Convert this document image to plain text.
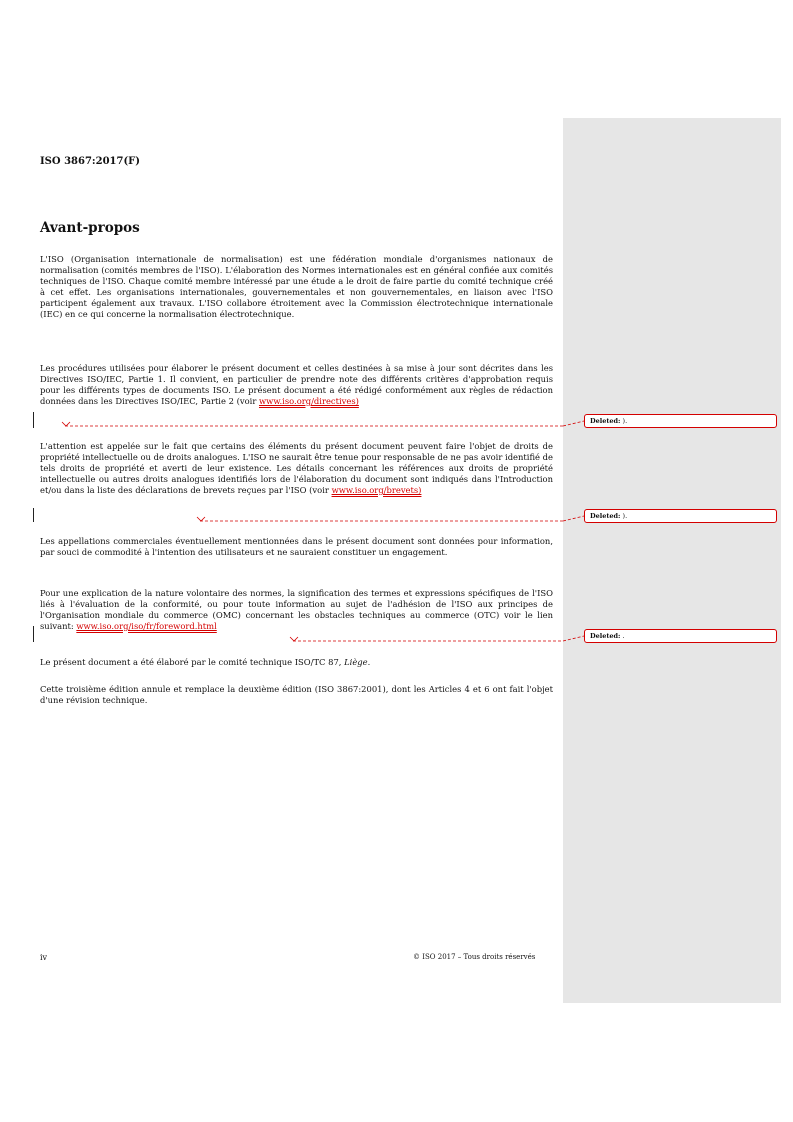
ISO 3867:2017(F)
Avant-propos

L'ISO (Organisation internationale de normalisation) est une fédération mondiale d'organismes nationaux de normalisation (comités membres de l'ISO). L'élaboration des Normes internationales est en général confiée aux comités techniques de l'ISO. Chaque comité membre intéressé par une étude a le droit de faire partie du comité technique créé à cet effet. Les organisations internationales, gouvernementales et non gouvernementales, en liaison avec l'ISO participent également aux travaux. L'ISO collabore étroitement avec la Commission électrotechnique internationale (IEC) en ce qui concerne la normalisation électrotechnique.

Les procédures utilisées pour élaborer le présent document et celles destinées à sa mise à jour sont décrites dans les Directives ISO/IEC, Partie 1. Il convient, en particulier de prendre note des différents critères d'approbation requis pour les différents types de documents ISO. Le présent document a été rédigé conformément aux règles de rédaction données dans les Directives ISO/IEC, Partie 2 (voir www.iso.org/directives)

L'attention est appelée sur le fait que certains des éléments du présent document peuvent faire l'objet de droits de propriété intellectuelle ou de droits analogues. L'ISO ne saurait être tenue pour responsable de ne pas avoir identifié de tels droits de propriété et averti de leur existence. Les détails concernant les références aux droits de propriété intellectuelle ou autres droits analogues identifiés lors de l'élaboration du document sont indiqués dans l'Introduction et/ou dans la liste des déclarations de brevets reçues par l'ISO (voir www.iso.org/brevets)

Les appellations commerciales éventuellement mentionnées dans le présent document sont données pour information, par souci de commodité à l'intention des utilisateurs et ne sauraient constituer un engagement.

Pour une explication de la nature volontaire des normes, la signification des termes et expressions spécifiques de l'ISO liés à l'évaluation de la conformité, ou pour toute information au sujet de l'adhésion de l'ISO aux principes de l'Organisation mondiale du commerce (OMC) concernant les obstacles techniques au commerce (OTC) voir le lien suivant: www.iso.org/iso/fr/foreword.html

Le présent document a été élaboré par le comité technique ISO/TC 87, Liège.

Cette troisième édition annule et remplace la deuxième édition (ISO 3867:2001), dont les Articles 4 et 6 ont fait l'objet d'une révision technique.

Deleted: ).
Deleted: ).
Deleted: .
iv	© ISO 2017 – Tous droits réservés
